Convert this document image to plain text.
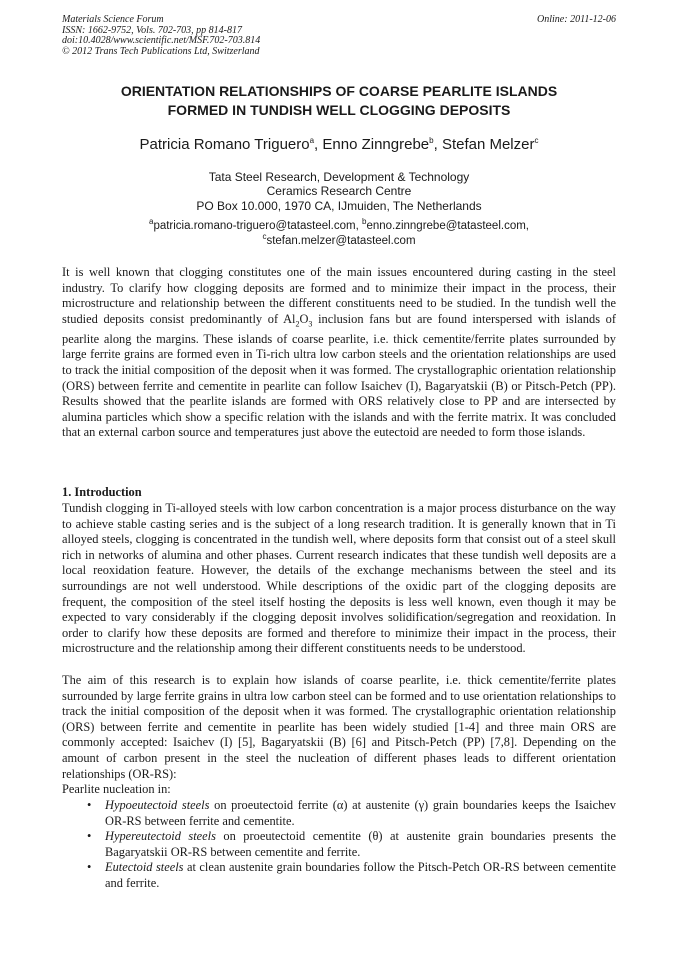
Materials Science Forum
ISSN: 1662-9752, Vols. 702-703, pp 814-817
doi:10.4028/www.scientific.net/MSF.702-703.814
© 2012 Trans Tech Publications Ltd, Switzerland
Online: 2011-12-06
ORIENTATION RELATIONSHIPS OF COARSE PEARLITE ISLANDS
FORMED IN TUNDISH WELL CLOGGING DEPOSITS
Patricia Romano Triguero$^a$, Enno Zinngrebe$^b$, Stefan Melzer$^c$
Tata Steel Research, Development & Technology
Ceramics Research Centre
PO Box 10.000, 1970 CA, IJmuiden, The Netherlands
$^a$patricia.romano-triguero@tatasteel.com, $^b$enno.zinngrebe@tatasteel.com,
$^c$stefan.melzer@tatasteel.com
It is well known that clogging constitutes one of the main issues encountered during casting in the steel industry. To clarify how clogging deposits are formed and to minimize their impact in the process, their microstructure and relationship between the different constituents need to be studied. In the tundish well the studied deposits consist predominantly of $Al_2O_3$ inclusion fans but are found interspersed with islands of pearlite along the margins. These islands of coarse pearlite, i.e. thick cementite/ferrite plates surrounded by large ferrite grains are formed even in Ti-rich ultra low carbon steels and the orientation relationships are used to track the initial composition of the deposit when it was formed. The crystallographic orientation relationship (ORS) between ferrite and cementite in pearlite can follow Isaichev (I), Bagaryatskii (B) or Pitsch-Petch (PP). Results showed that the pearlite islands are formed with ORS relatively close to PP and are intersected by alumina particles which show a specific relation with the islands and with the ferrite matrix. It was concluded that an external carbon source and temperatures just above the eutectoid are needed to form those islands.
1. Introduction
Tundish clogging in Ti-alloyed steels with low carbon concentration is a major process disturbance on the way to achieve stable casting series and is the subject of a long research tradition. It is generally known that in Ti alloyed steels, clogging is concentrated in the tundish well, where deposits form that consist out of a steel skull rich in networks of alumina and other phases. Current research indicates that these tundish well deposits are a local reoxidation feature. However, the details of the exchange mechanisms between the steel and its surroundings are not well understood. While descriptions of the oxidic part of the clogging deposits are frequent, the composition of the steel itself hosting the deposits is less well known, even though it may be expected to vary considerably if the clogging deposit involves solidification/segregation and reoxidation. In order to clarify how these deposits are formed and therefore to minimize their impact in the process, their microstructure and the relationship among their different constituents needs to be understood.
The aim of this research is to explain how islands of coarse pearlite, i.e. thick cementite/ferrite plates surrounded by large ferrite grains in ultra low carbon steel can be formed and to use orientation relationships to track the initial composition of the deposit when it was formed. The crystallographic orientation relationship (ORS) between ferrite and cementite in pearlite has been widely studied [1-4] and three main ORS are commonly accepted: Isaichev (I) [5], Bagaryatskii (B) [6] and Pitsch-Petch (PP) [7,8]. Depending on the amount of carbon present in the steel the nucleation of different phases leads to different orientation relationships (OR-RS):
Pearlite nucleation in:
• Hypoeutectoid steels on proeutectoid ferrite (α) at austenite (γ) grain boundaries keeps the Isaichev OR-RS between ferrite and cementite.
• Hypereutectoid steels on proeutectoid cementite (θ) at austenite grain boundaries presents the Bagaryatskii OR-RS between cementite and ferrite.
• Eutectoid steels at clean austenite grain boundaries follow the Pitsch-Petch OR-RS between cementite and ferrite.
